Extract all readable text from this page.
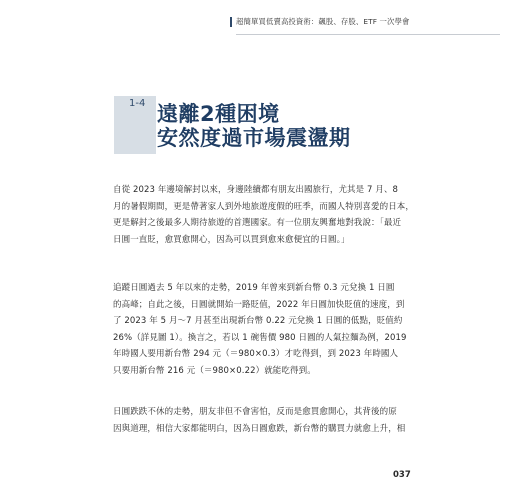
超簡單買低賣高投資術：飆股、存股、ETF 一次學會
1-4 遠離2種困境
安然度過市場震盪期
自從 2023 年邊境解封以來，身邊陸續都有朋友出國旅行，尤其是 7 月、8
月的暑假期間，更是帶著家人到外地旅遊度假的旺季，而國人特別喜愛的日本，
更是解封之後最多人期待旅遊的首選國家。有一位朋友興奮地對我說：「最近
日圓一直貶，愈買愈開心，因為可以買到愈來愈便宜的日圓。」
追蹤日圓過去 5 年以來的走勢，2019 年曾來到新台幣 0.3 元兌換 1 日圓
的高峰；自此之後，日圓就開始一路貶值，2022 年日圓加快貶值的速度，到
了 2023 年 5 月～7 月甚至出現新台幣 0.22 元兌換 1 日圓的低點，貶值約
26%（詳見圖 1）。換言之，若以 1 碗售價 980 日圓的人氣拉麵為例，2019
年時國人要用新台幣 294 元（＝980×0.3）才吃得到，到 2023 年時國人
只要用新台幣 216 元（＝980×0.22）就能吃得到。
日圓跌跌不休的走勢，朋友非但不會害怕，反而是愈買愈開心，其背後的原
因與道理，相信大家都能明白，因為日圓愈跌，新台幣的購買力就愈上升，相
037
